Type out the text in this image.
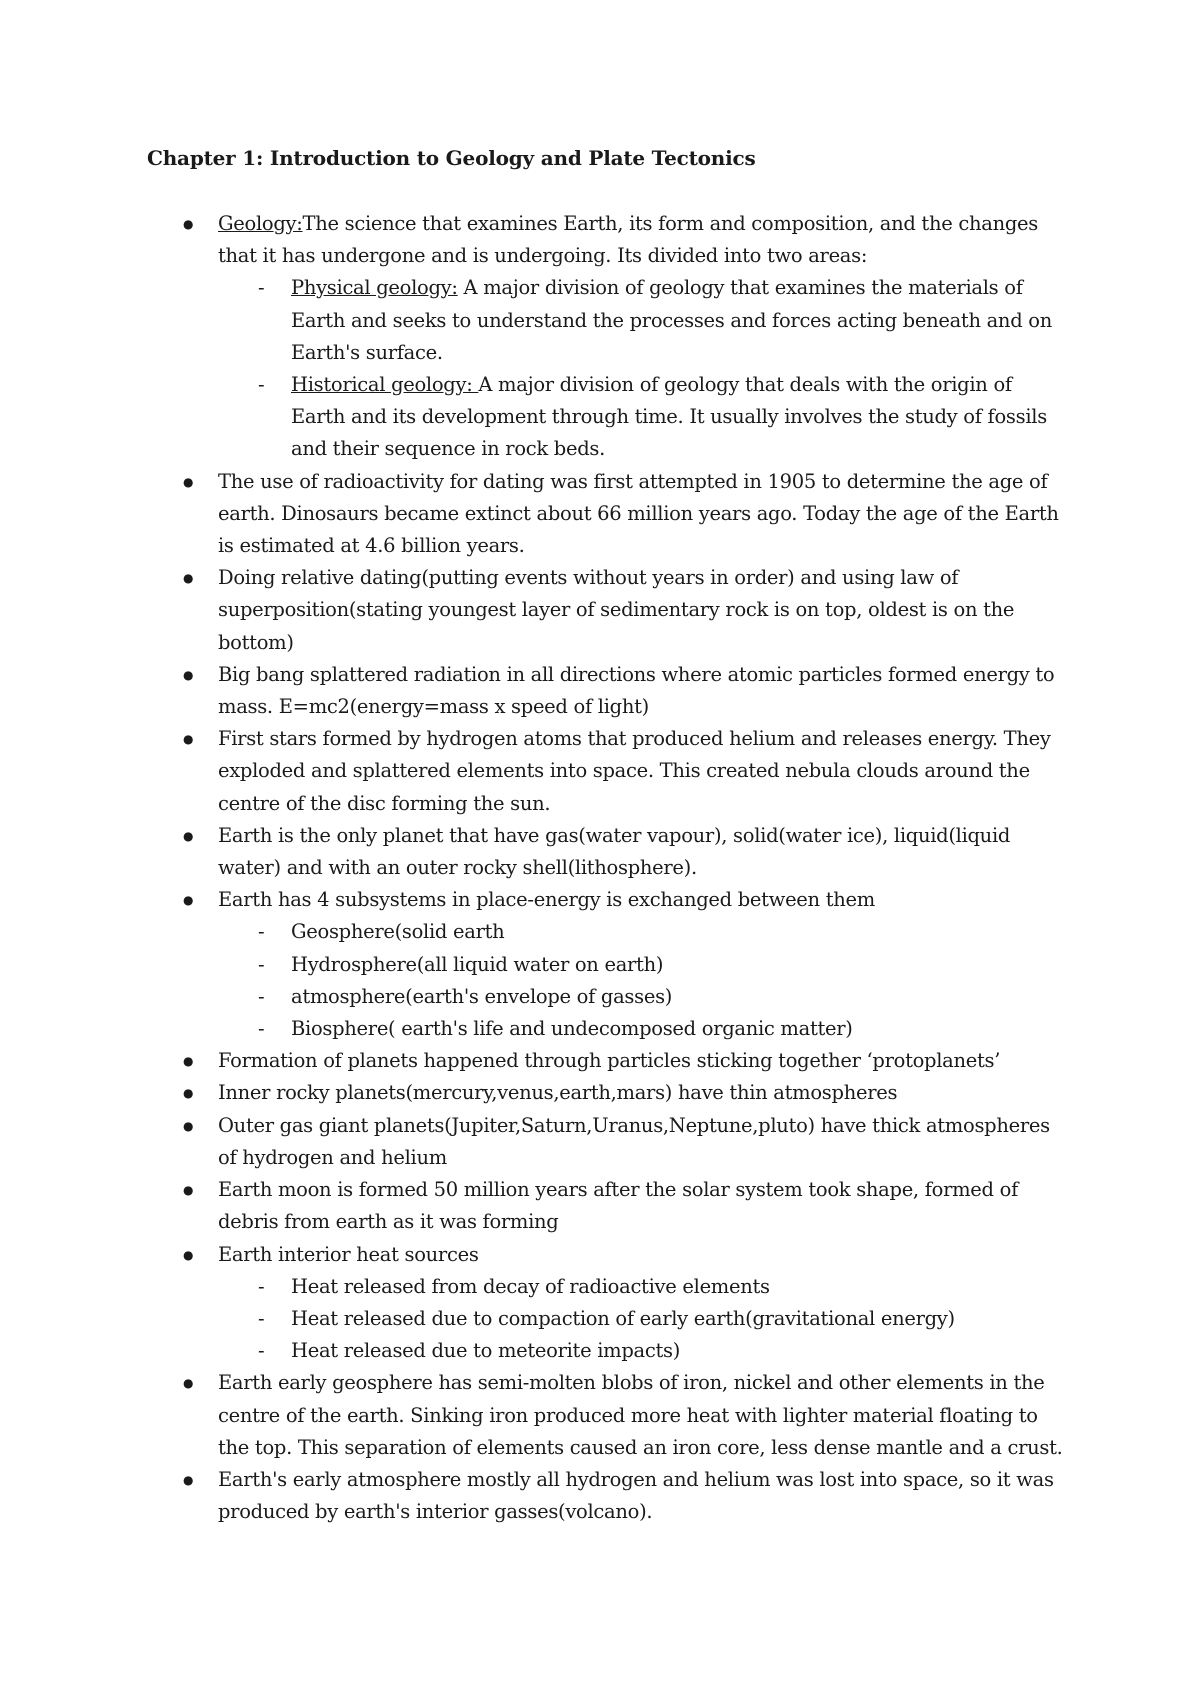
Chapter 1: Introduction to Geology and Plate Tectonics
● Geology:The science that examines Earth, its form and composition, and the changes that it has undergone and is undergoing. Its divided into two areas:
- Physical geology: A major division of geology that examines the materials of Earth and seeks to understand the processes and forces acting beneath and on Earth's surface.
- Historical geology: A major division of geology that deals with the origin of Earth and its development through time. It usually involves the study of fossils and their sequence in rock beds.
● The use of radioactivity for dating was first attempted in 1905 to determine the age of earth. Dinosaurs became extinct about 66 million years ago. Today the age of the Earth is estimated at 4.6 billion years.
● Doing relative dating(putting events without years in order) and using law of superposition(stating youngest layer of sedimentary rock is on top, oldest is on the bottom)
● Big bang splattered radiation in all directions where atomic particles formed energy to mass. E=mc2(energy=mass x speed of light)
● First stars formed by hydrogen atoms that produced helium and releases energy. They exploded and splattered elements into space. This created nebula clouds around the centre of the disc forming the sun.
● Earth is the only planet that have gas(water vapour), solid(water ice), liquid(liquid water) and with an outer rocky shell(lithosphere).
● Earth has 4 subsystems in place-energy is exchanged between them
- Geosphere(solid earth
- Hydrosphere(all liquid water on earth)
- atmosphere(earth's envelope of gasses)
- Biosphere( earth's life and undecomposed organic matter)
● Formation of planets happened through particles sticking together ‘protoplanets’
● Inner rocky planets(mercury,venus,earth,mars) have thin atmospheres
● Outer gas giant planets(Jupiter,Saturn,Uranus,Neptune,pluto) have thick atmospheres of hydrogen and helium
● Earth moon is formed 50 million years after the solar system took shape, formed of debris from earth as it was forming
● Earth interior heat sources
- Heat released from decay of radioactive elements
- Heat released due to compaction of early earth(gravitational energy)
- Heat released due to meteorite impacts)
● Earth early geosphere has semi-molten blobs of iron, nickel and other elements in the centre of the earth. Sinking iron produced more heat with lighter material floating to the top. This separation of elements caused an iron core, less dense mantle and a crust.
● Earth's early atmosphere mostly all hydrogen and helium was lost into space, so it was produced by earth's interior gasses(volcano).
